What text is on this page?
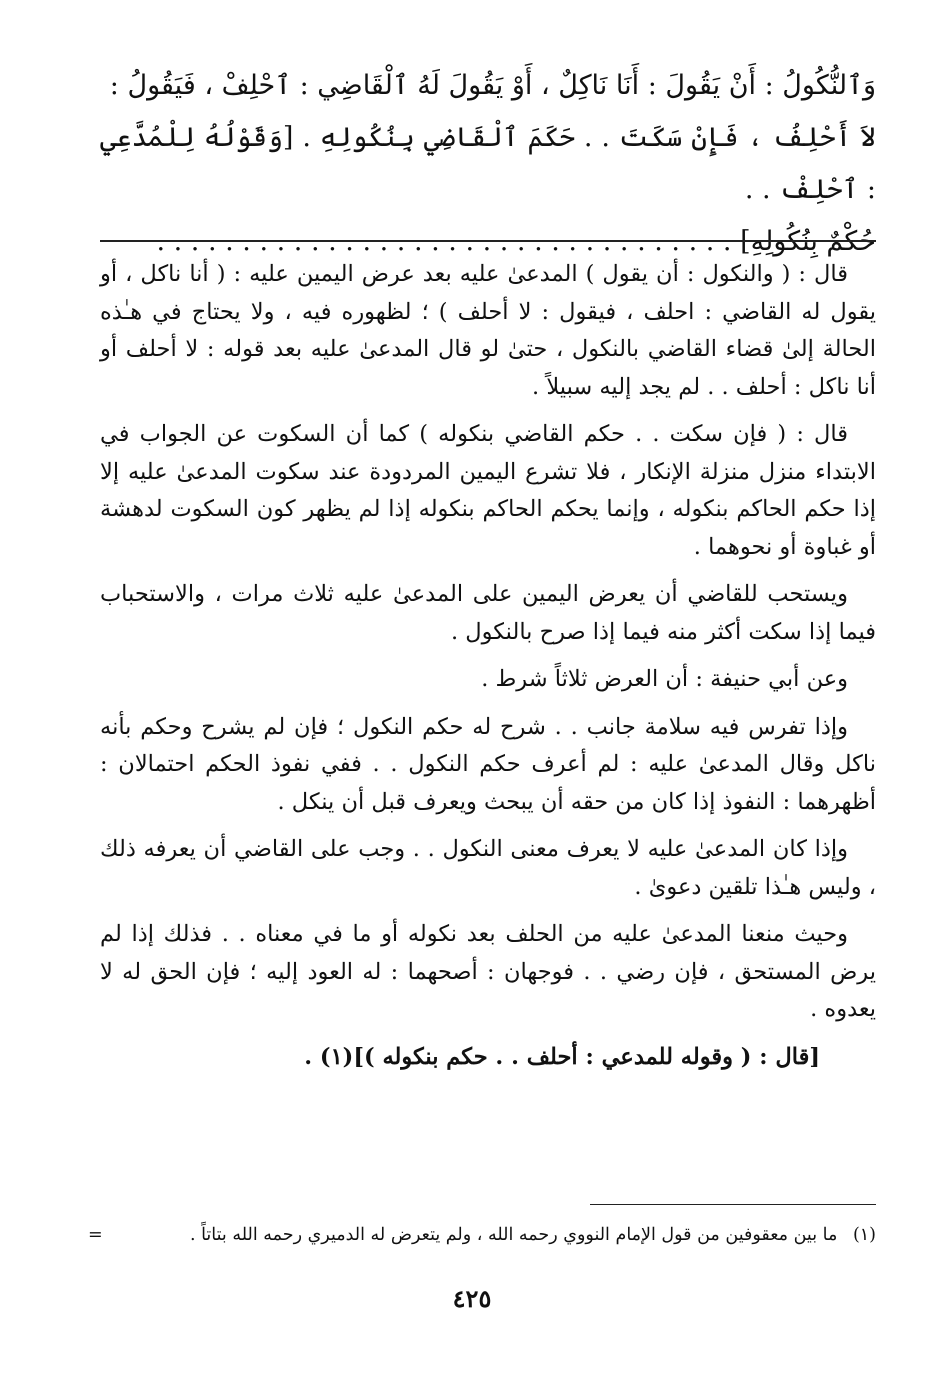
وَٱلنُّكُولُ : أَنْ يَقُولَ : أَنَا نَاكِلٌ ، أَوْ يَقُولَ لَهُ ٱلْقَاضِي : ٱحْلِفْ ، فَيَقُولُ :

لاَ أَحْلِفُ ، فَإِنْ سَكَتَ . . حَكَمَ ٱلْقَاضِي بِنُكُولِهِ . [وَقَوْلُهُ لِلْمُدَّعِي : ٱحْلِفْ . .

حُكْمٌ بِنُكُولِهِ] . . . . . . . . . . . . . . . . . . . . . . . . . . . . . . . . . .

قال : ( والنكول : أن يقول ) المدعىٰ عليه بعد عرض اليمين عليه : ( أنا ناكل ، أو يقول له القاضي : احلف ، فيقول : لا أحلف ) ؛ لظهوره فيه ، ولا يحتاج في هـٰذه الحالة إلىٰ قضاء القاضي بالنكول ، حتىٰ لو قال المدعىٰ عليه بعد قوله : لا أحلف أو أنا ناكل : أحلف . . لم يجد إليه سبيلاً .

قال : ( فإن سكت . . حكم القاضي بنكوله ) كما أن السكوت عن الجواب في الابتداء منزل منزلة الإنكار ، فلا تشرع اليمين المردودة عند سكوت المدعىٰ عليه إلا إذا حكم الحاكم بنكوله ، وإنما يحكم الحاكم بنكوله إذا لم يظهر كون السكوت لدهشة أو غباوة أو نحوهما .

ويستحب للقاضي أن يعرض اليمين على المدعىٰ عليه ثلاث مرات ، والاستحباب فيما إذا سكت أكثر منه فيما إذا صرح بالنكول .

وعن أبي حنيفة : أن العرض ثلاثاً شرط .

وإذا تفرس فيه سلامة جانب . . شرح له حكم النكول ؛ فإن لم يشرح وحكم بأنه ناكل وقال المدعىٰ عليه : لم أعرف حكم النكول . . ففي نفوذ الحكم احتمالان : أظهرهما : النفوذ إذا كان من حقه أن يبحث ويعرف قبل أن ينكل .

وإذا كان المدعىٰ عليه لا يعرف معنى النكول . . وجب على القاضي أن يعرفه ذلك ، وليس هـٰذا تلقين دعوىٰ .

وحيث منعنا المدعىٰ عليه من الحلف بعد نكوله أو ما في معناه . . فذلك إذا لم يرض المستحق ، فإن رضي . . فوجهان : أصحهما : له العود إليه ؛ فإن الحق له لا يعدوه .

[قال : ( وقوله للمدعي : أحلف . . حكم بنكوله )](١) .

(١) ما بين معقوفين من قول الإمام النووي رحمه الله ، ولم يتعرض له الدميري رحمه الله بتاتاً .
=
٤٢٥
